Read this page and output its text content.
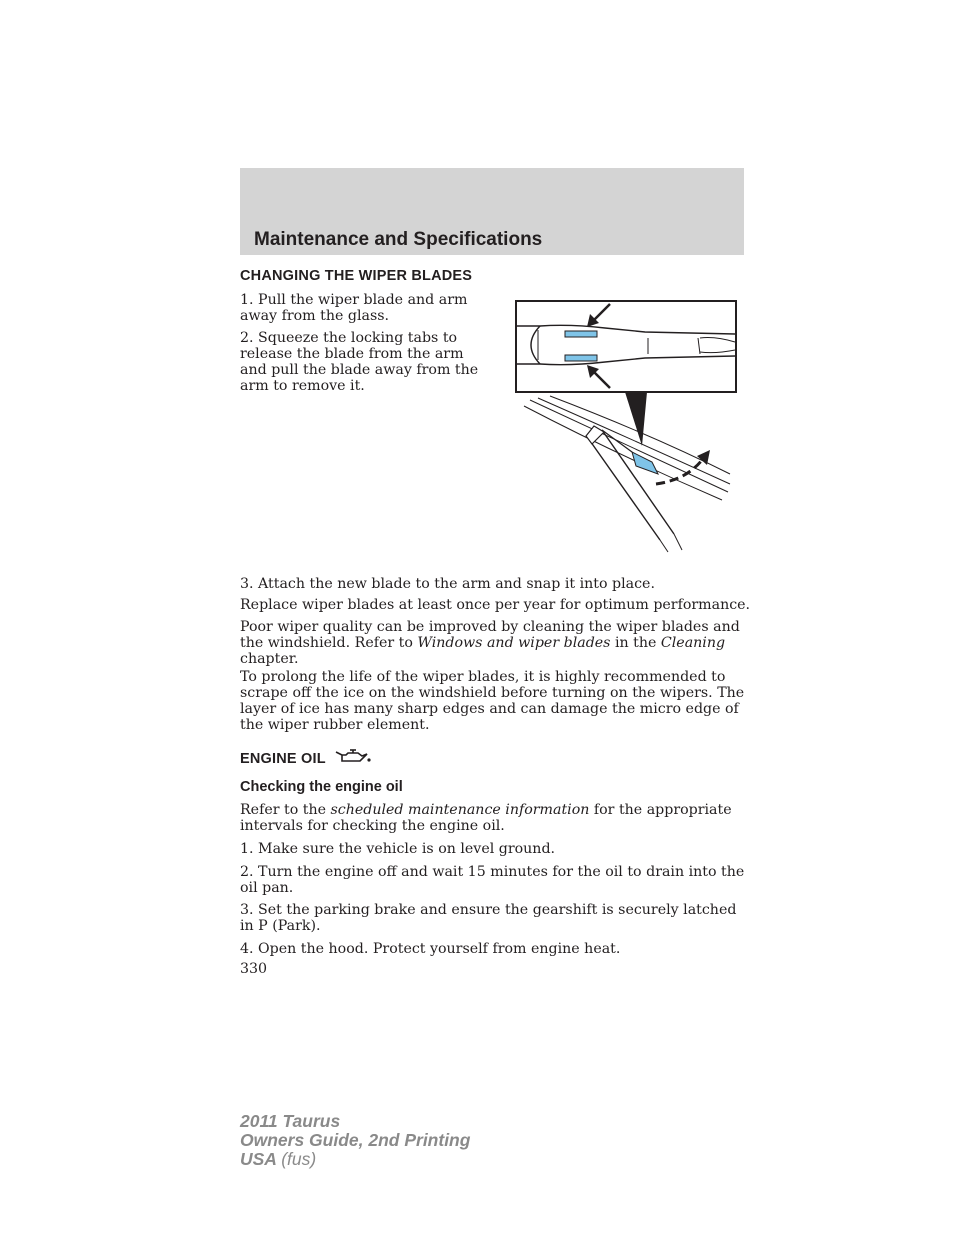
Maintenance and Specifications
CHANGING THE WIPER BLADES
1. Pull the wiper blade and arm away from the glass.
2. Squeeze the locking tabs to release the blade from the arm and pull the blade away from the arm to remove it.
3. Attach the new blade to the arm and snap it into place.
Replace wiper blades at least once per year for optimum performance.
Poor wiper quality can be improved by cleaning the wiper blades and the windshield. Refer to Windows and wiper blades in the Cleaning chapter.
To prolong the life of the wiper blades, it is highly recommended to scrape off the ice on the windshield before turning on the wipers. The layer of ice has many sharp edges and can damage the micro edge of the wiper rubber element.
ENGINE OIL
Checking the engine oil
Refer to the scheduled maintenance information for the appropriate intervals for checking the engine oil.
1. Make sure the vehicle is on level ground.
2. Turn the engine off and wait 15 minutes for the oil to drain into the oil pan.
3. Set the parking brake and ensure the gearshift is securely latched in P (Park).
4. Open the hood. Protect yourself from engine heat.
330
2011 Taurus
Owners Guide, 2nd Printing
USA (fus)
